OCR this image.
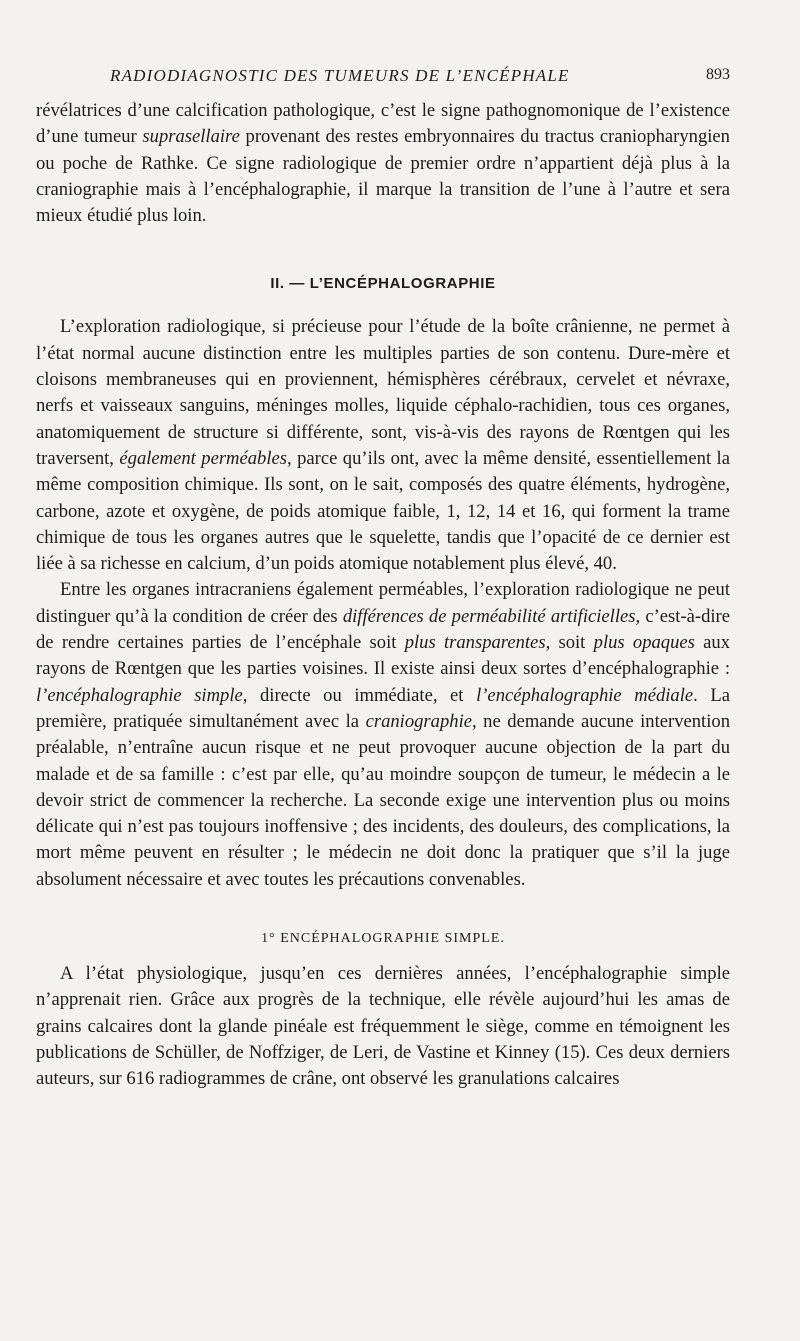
RADIODIAGNOSTIC DES TUMEURS DE L’ENCÉPHALE	893

révélatrices d’une calcification pathologique, c’est le signe pathognomonique de l’existence d’une tumeur suprasellaire provenant des restes embryonnaires du tractus craniopharyngien ou poche de Rathke. Ce signe radiologique de premier ordre n’appartient déjà plus à la craniographie mais à l’encéphalographie, il marque la transition de l’une à l’autre et sera mieux étudié plus loin.

II. — L’ENCÉPHALOGRAPHIE

L’exploration radiologique, si précieuse pour l’étude de la boîte crânienne, ne permet à l’état normal aucune distinction entre les multiples parties de son contenu. Dure-mère et cloisons membraneuses qui en proviennent, hémisphères cérébraux, cervelet et névraxe, nerfs et vaisseaux sanguins, méninges molles, liquide céphalo-rachidien, tous ces organes, anatomiquement de structure si différente, sont, vis-à-vis des rayons de Rœntgen qui les traversent, également perméables, parce qu’ils ont, avec la même densité, essentiellement la même composition chimique. Ils sont, on le sait, composés des quatre éléments, hydrogène, carbone, azote et oxygène, de poids atomique faible, 1, 12, 14 et 16, qui forment la trame chimique de tous les organes autres que le squelette, tandis que l’opacité de ce dernier est liée à sa richesse en calcium, d’un poids atomique notablement plus élevé, 40.

Entre les organes intracraniens également perméables, l’exploration radiologique ne peut distinguer qu’à la condition de créer des différences de perméabilité artificielles, c’est-à-dire de rendre certaines parties de l’encéphale soit plus transparentes, soit plus opaques aux rayons de Rœntgen que les parties voisines. Il existe ainsi deux sortes d’encéphalographie : l’encéphalographie simple, directe ou immédiate, et l’encéphalographie médiale. La première, pratiquée simultanément avec la craniographie, ne demande aucune intervention préalable, n’entraîne aucun risque et ne peut provoquer aucune objection de la part du malade et de sa famille : c’est par elle, qu’au moindre soupçon de tumeur, le médecin a le devoir strict de commencer la recherche. La seconde exige une intervention plus ou moins délicate qui n’est pas toujours inoffensive ; des incidents, des douleurs, des complications, la mort même peuvent en résulter ; le médecin ne doit donc la pratiquer que s’il la juge absolument nécessaire et avec toutes les précautions convenables.

1° ENCÉPHALOGRAPHIE SIMPLE.

A l’état physiologique, jusqu’en ces dernières années, l’encéphalographie simple n’apprenait rien. Grâce aux progrès de la technique, elle révèle aujourd’hui les amas de grains calcaires dont la glande pinéale est fréquemment le siège, comme en témoignent les publications de Schüller, de Noffziger, de Leri, de Vastine et Kinney (15). Ces deux derniers auteurs, sur 616 radiogrammes de crâne, ont observé les granulations calcaires
